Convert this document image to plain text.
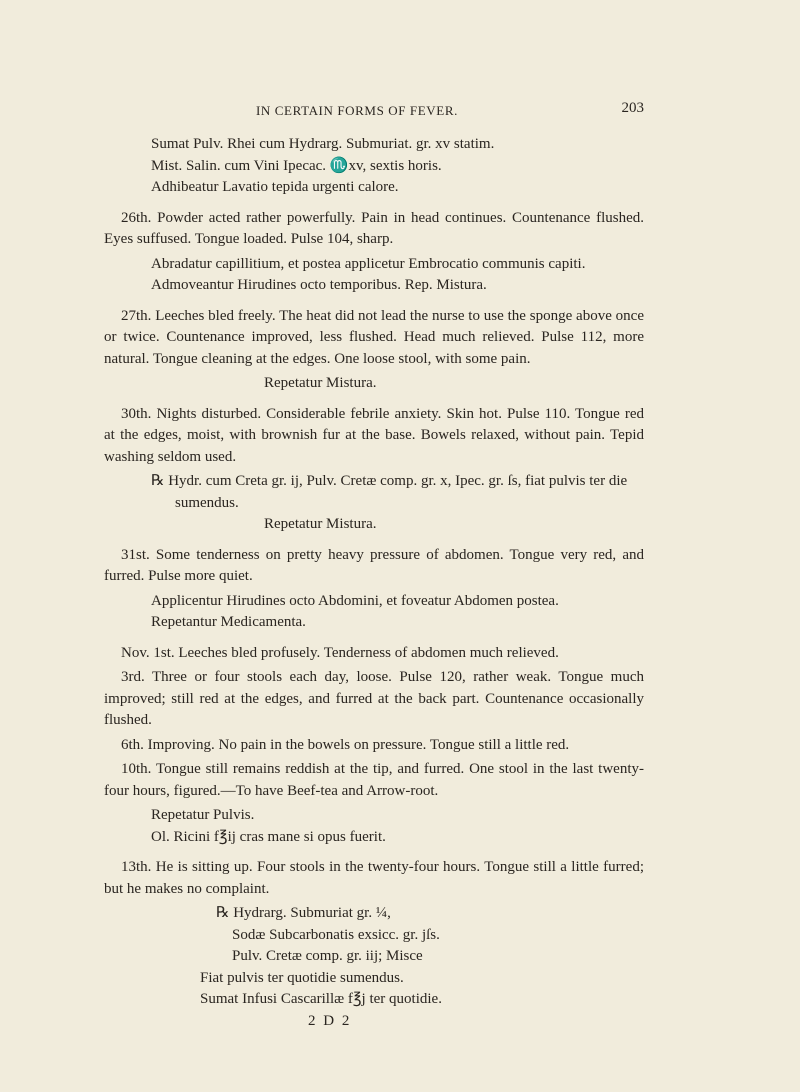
IN CERTAIN FORMS OF FEVER.	203
Sumat Pulv. Rhei cum Hydrarg. Submuriat. gr. xv statim.
Mist. Salin. cum Vini Ipecac. ♏xv, sextis horis.
Adhibeatur Lavatio tepida urgenti calore.

26th. Powder acted rather powerfully. Pain in head continues. Countenance flushed. Eyes suffused. Tongue loaded. Pulse 104, sharp.

Abradatur capillitium, et postea applicetur Embrocatio communis capiti.
Admoveantur Hirudines octo temporibus. Rep. Mistura.

27th. Leeches bled freely. The heat did not lead the nurse to use the sponge above once or twice. Countenance improved, less flushed. Head much relieved. Pulse 112, more natural. Tongue cleaning at the edges. One loose stool, with some pain.

Repetatur Mistura.

30th. Nights disturbed. Considerable febrile anxiety. Skin hot. Pulse 110. Tongue red at the edges, moist, with brownish fur at the base. Bowels relaxed, without pain. Tepid washing seldom used.

℞ Hydr. cum Creta gr. ij, Pulv. Cretæ comp. gr. x, Ipec. gr. ſs, fiat pulvis ter die sumendus.
Repetatur Mistura.

31st. Some tenderness on pretty heavy pressure of abdomen. Tongue very red, and furred. Pulse more quiet.

Applicentur Hirudines octo Abdomini, et foveatur Abdomen postea.
Repetantur Medicamenta.

Nov. 1st. Leeches bled profusely. Tenderness of abdomen much relieved.

3rd. Three or four stools each day, loose. Pulse 120, rather weak. Tongue much improved; still red at the edges, and furred at the back part. Countenance occasionally flushed.

6th. Improving. No pain in the bowels on pressure. Tongue still a little red.

10th. Tongue still remains reddish at the tip, and furred. One stool in the last twenty-four hours, figured.—To have Beef-tea and Arrow-root.

Repetatur Pulvis.
Ol. Ricini f℥ij cras mane si opus fuerit.

13th. He is sitting up. Four stools in the twenty-four hours. Tongue still a little furred; but he makes no complaint.

℞ Hydrarg. Submuriat gr. ¼,
Sodæ Subcarbonatis exsicc. gr. jſs.
Pulv. Cretæ comp. gr. iij; Misce
Fiat pulvis ter quotidie sumendus.
Sumat Infusi Cascarillæ f℥j ter quotidie.
2 D 2
